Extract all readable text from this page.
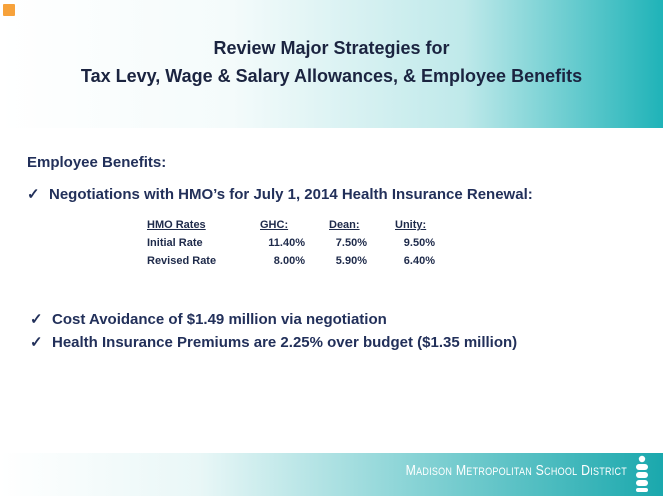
Review Major Strategies for
Tax Levy, Wage & Salary Allowances, & Employee Benefits
Employee Benefits:
✓ Negotiations with HMO’s for July 1, 2014 Health Insurance Renewal:
HMO Rates	GHC:	Dean:	Unity:
Initial Rate	11.40%	7.50%	9.50%
Revised Rate	8.00%	5.90%	6.40%
✓ Cost Avoidance of $1.49 million via negotiation
✓ Health Insurance Premiums are 2.25% over budget ($1.35 million)
Madison Metropolitan School District
